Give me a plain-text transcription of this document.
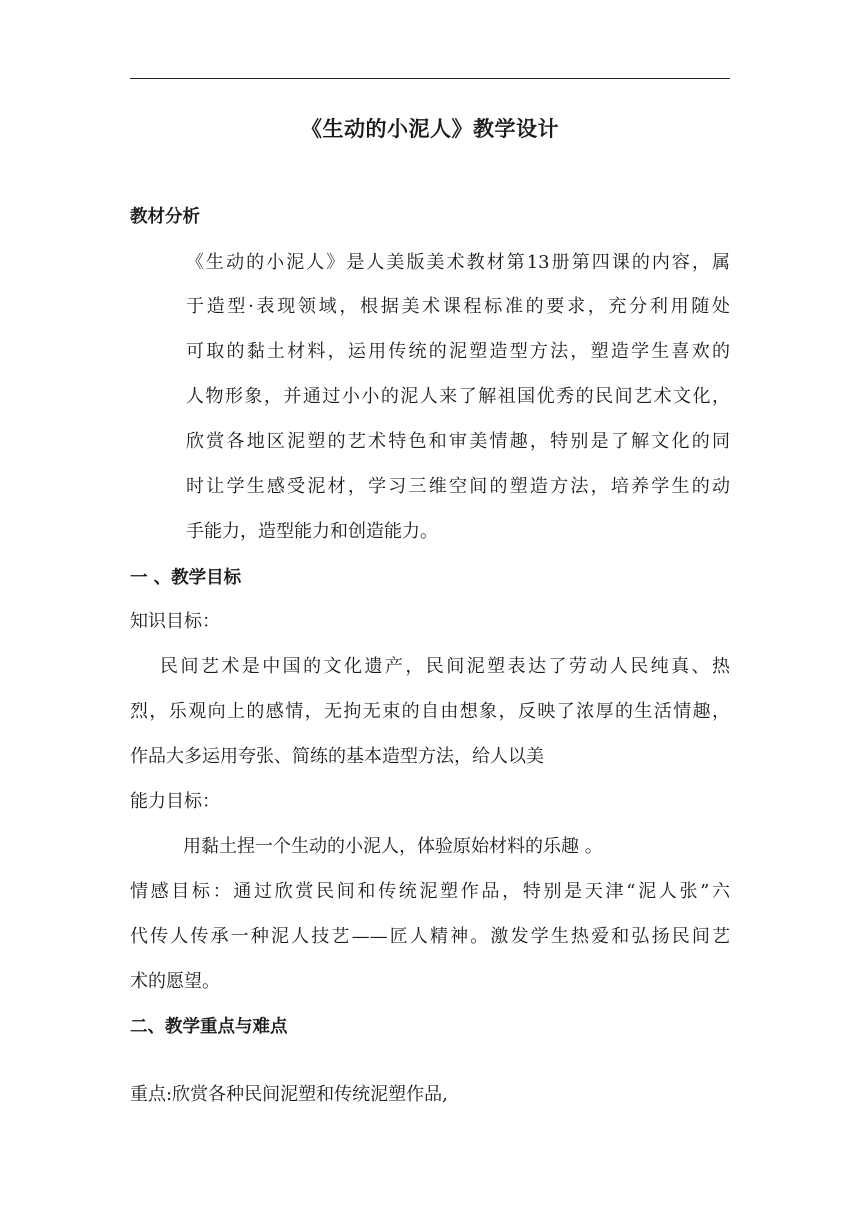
《生动的小泥人》教学设计
教材分析
《生动的小泥人》是人美版美术教材第13册第四课的内容，属
于造型·表现领域，根据美术课程标准的要求，充分利用随处
可取的黏土材料，运用传统的泥塑造型方法，塑造学生喜欢的
人物形象，并通过小小的泥人来了解祖国优秀的民间艺术文化，
欣赏各地区泥塑的艺术特色和审美情趣，特别是了解文化的同
时让学生感受泥材，学习三维空间的塑造方法，培养学生的动
手能力，造型能力和创造能力。
一 、教学目标
知识目标：
民间艺术是中国的文化遗产，民间泥塑表达了劳动人民纯真、热
烈，乐观向上的感情，无拘无束的自由想象，反映了浓厚的生活情趣，
作品大多运用夸张、简练的基本造型方法，给人以美
能力目标：
用黏土捏一个生动的小泥人，体验原始材料的乐趣 。
情感目标：通过欣赏民间和传统泥塑作品，特别是天津“泥人张”六
代传人传承一种泥人技艺——匠人精神。激发学生热爱和弘扬民间艺
术的愿望。
二、教学重点与难点
重点:欣赏各种民间泥塑和传统泥塑作品,
